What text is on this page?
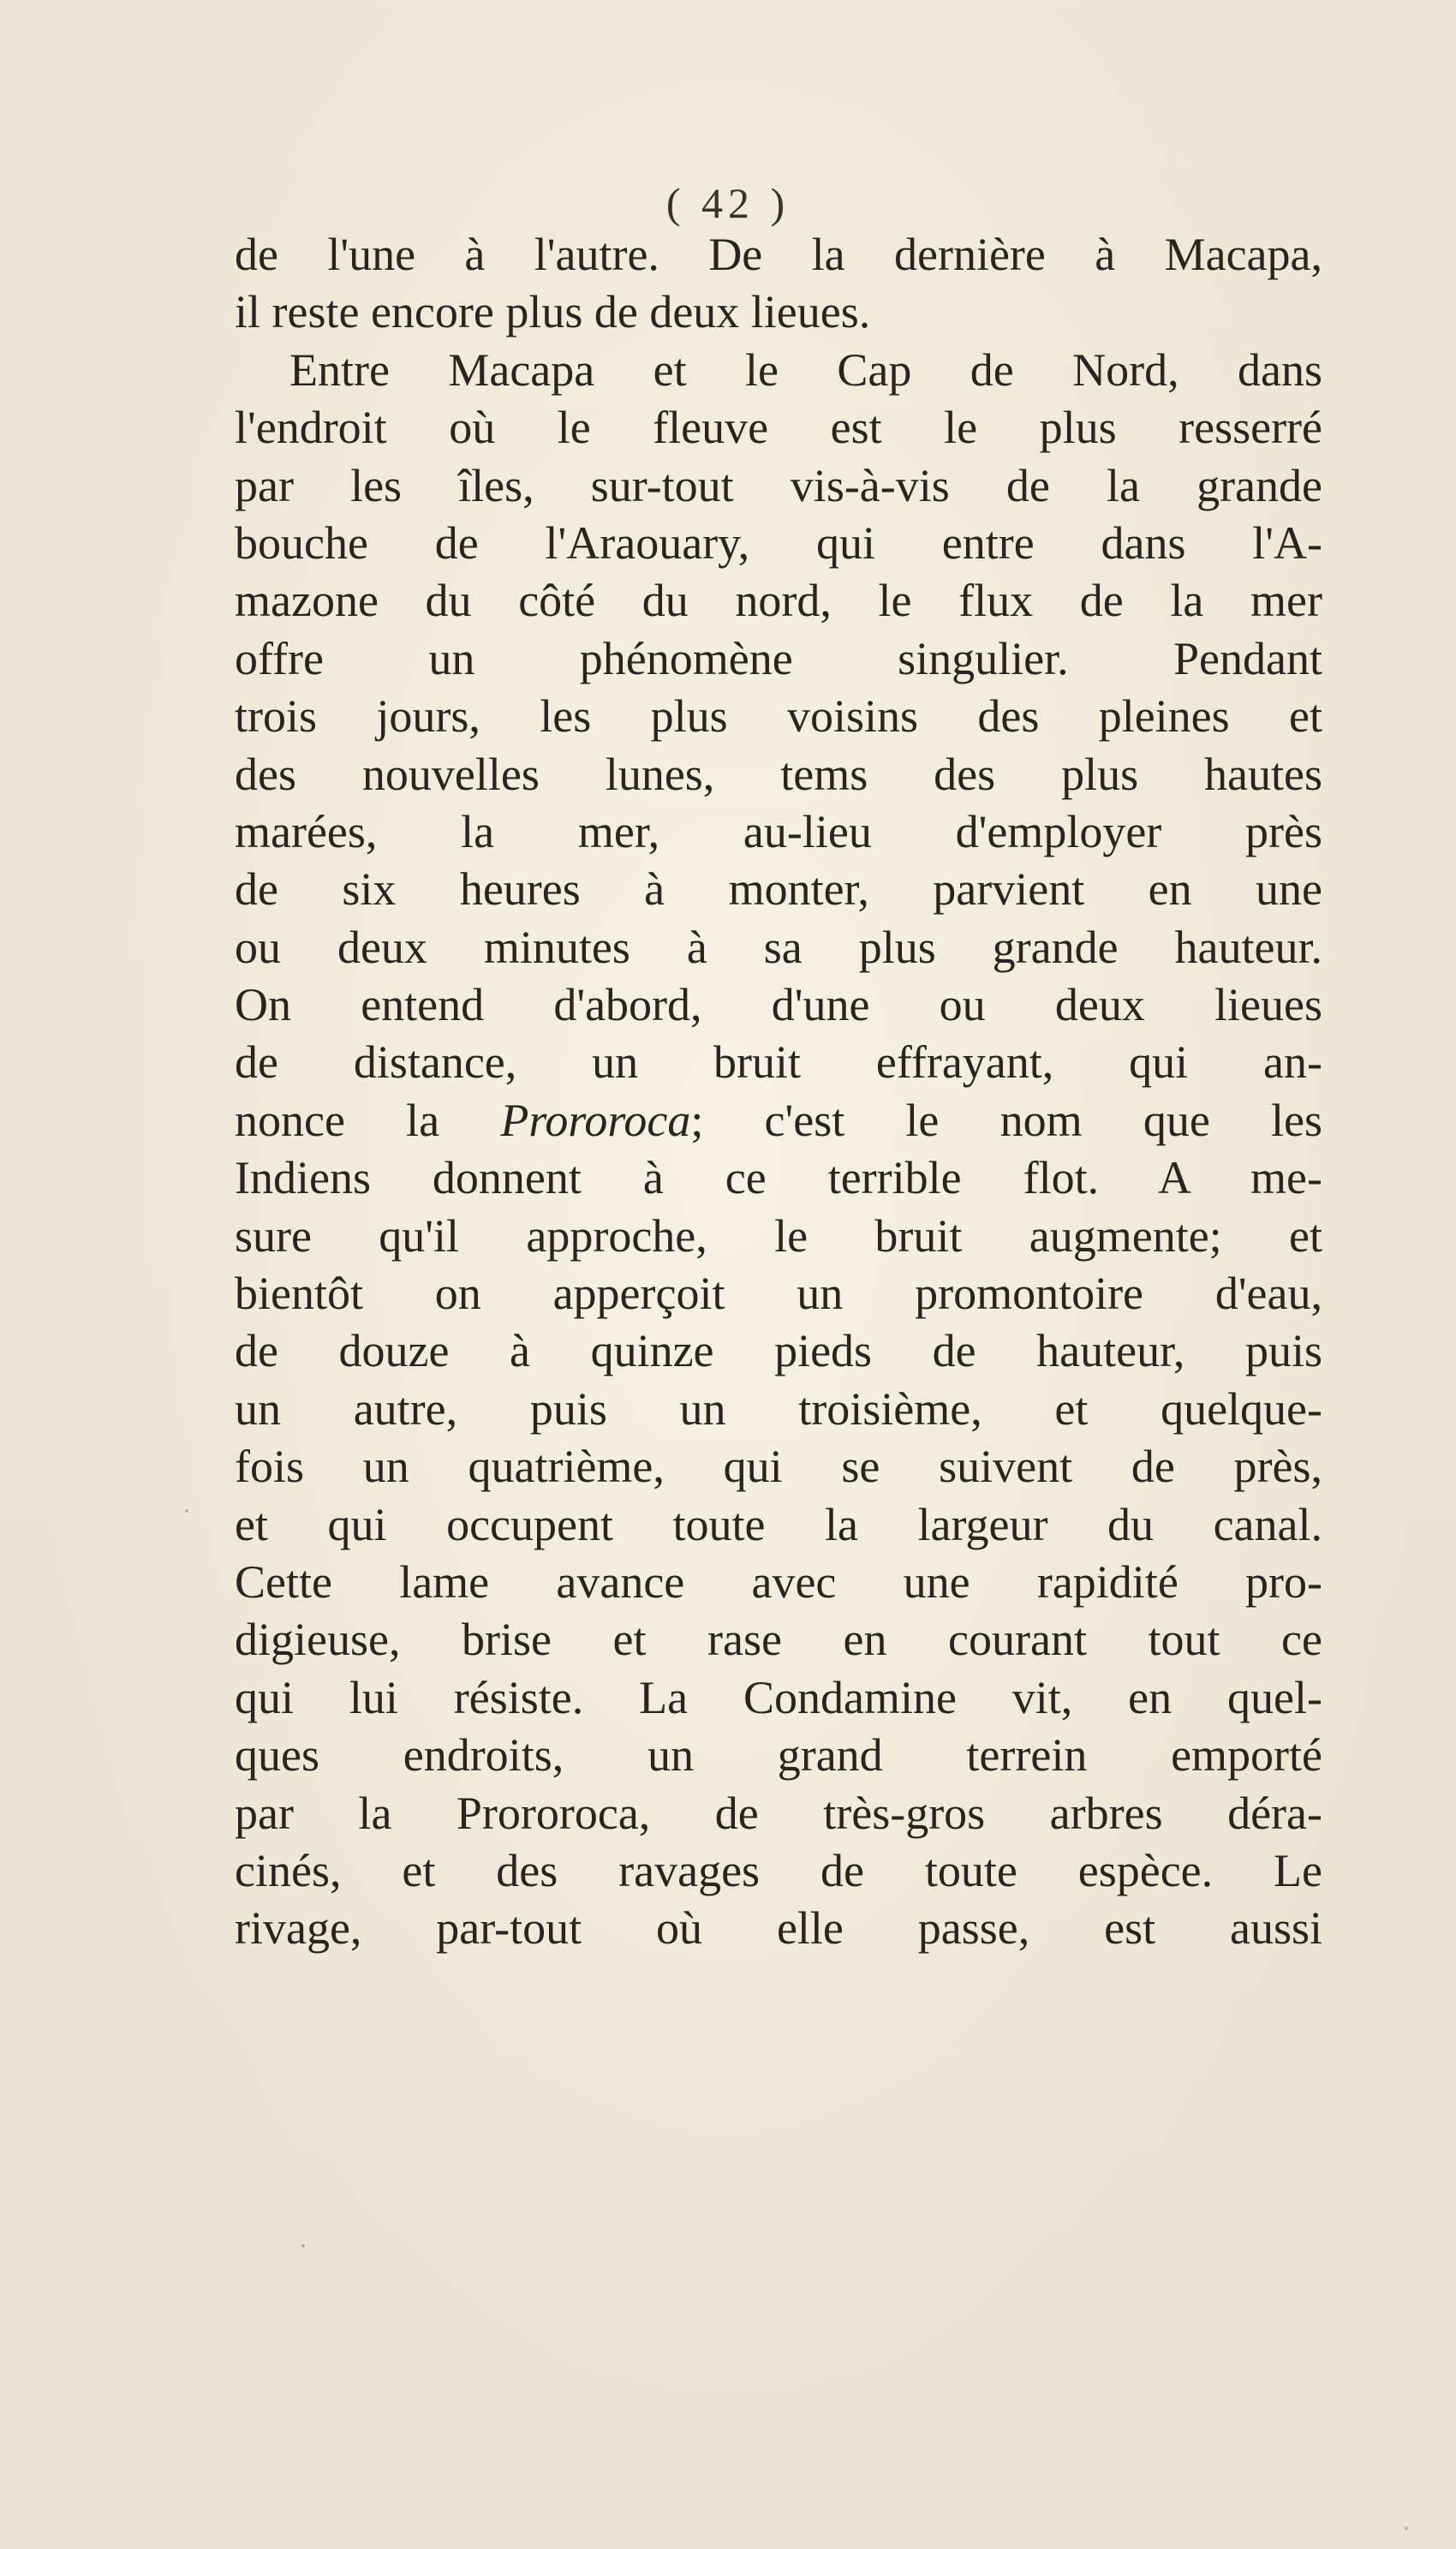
( 42 )
de l'une à l'autre. De la dernière à Macapa,
il reste encore plus de deux lieues.
Entre Macapa et le Cap de Nord, dans
l'endroit où le fleuve est le plus resserré
par les îles, sur-tout vis-à-vis de la grande
bouche de l'Araouary, qui entre dans l'A-
mazone du côté du nord, le flux de la mer
offre un phénomène singulier. Pendant
trois jours, les plus voisins des pleines et
des nouvelles lunes, tems des plus hautes
marées, la mer, au-lieu d'employer près
de six heures à monter, parvient en une
ou deux minutes à sa plus grande hauteur.
On entend d'abord, d'une ou deux lieues
de distance, un bruit effrayant, qui an-
nonce la Prororoca; c'est le nom que les
Indiens donnent à ce terrible flot. A me-
sure qu'il approche, le bruit augmente; et
bientôt on apperçoit un promontoire d'eau,
de douze à quinze pieds de hauteur, puis
un autre, puis un troisième, et quelque-
fois un quatrième, qui se suivent de près,
et qui occupent toute la largeur du canal.
Cette lame avance avec une rapidité pro-
digieuse, brise et rase en courant tout ce
qui lui résiste. La Condamine vit, en quel-
ques endroits, un grand terrein emporté
par la Prororoca, de très-gros arbres déra-
cinés, et des ravages de toute espèce. Le
rivage, par-tout où elle passe, est aussi
